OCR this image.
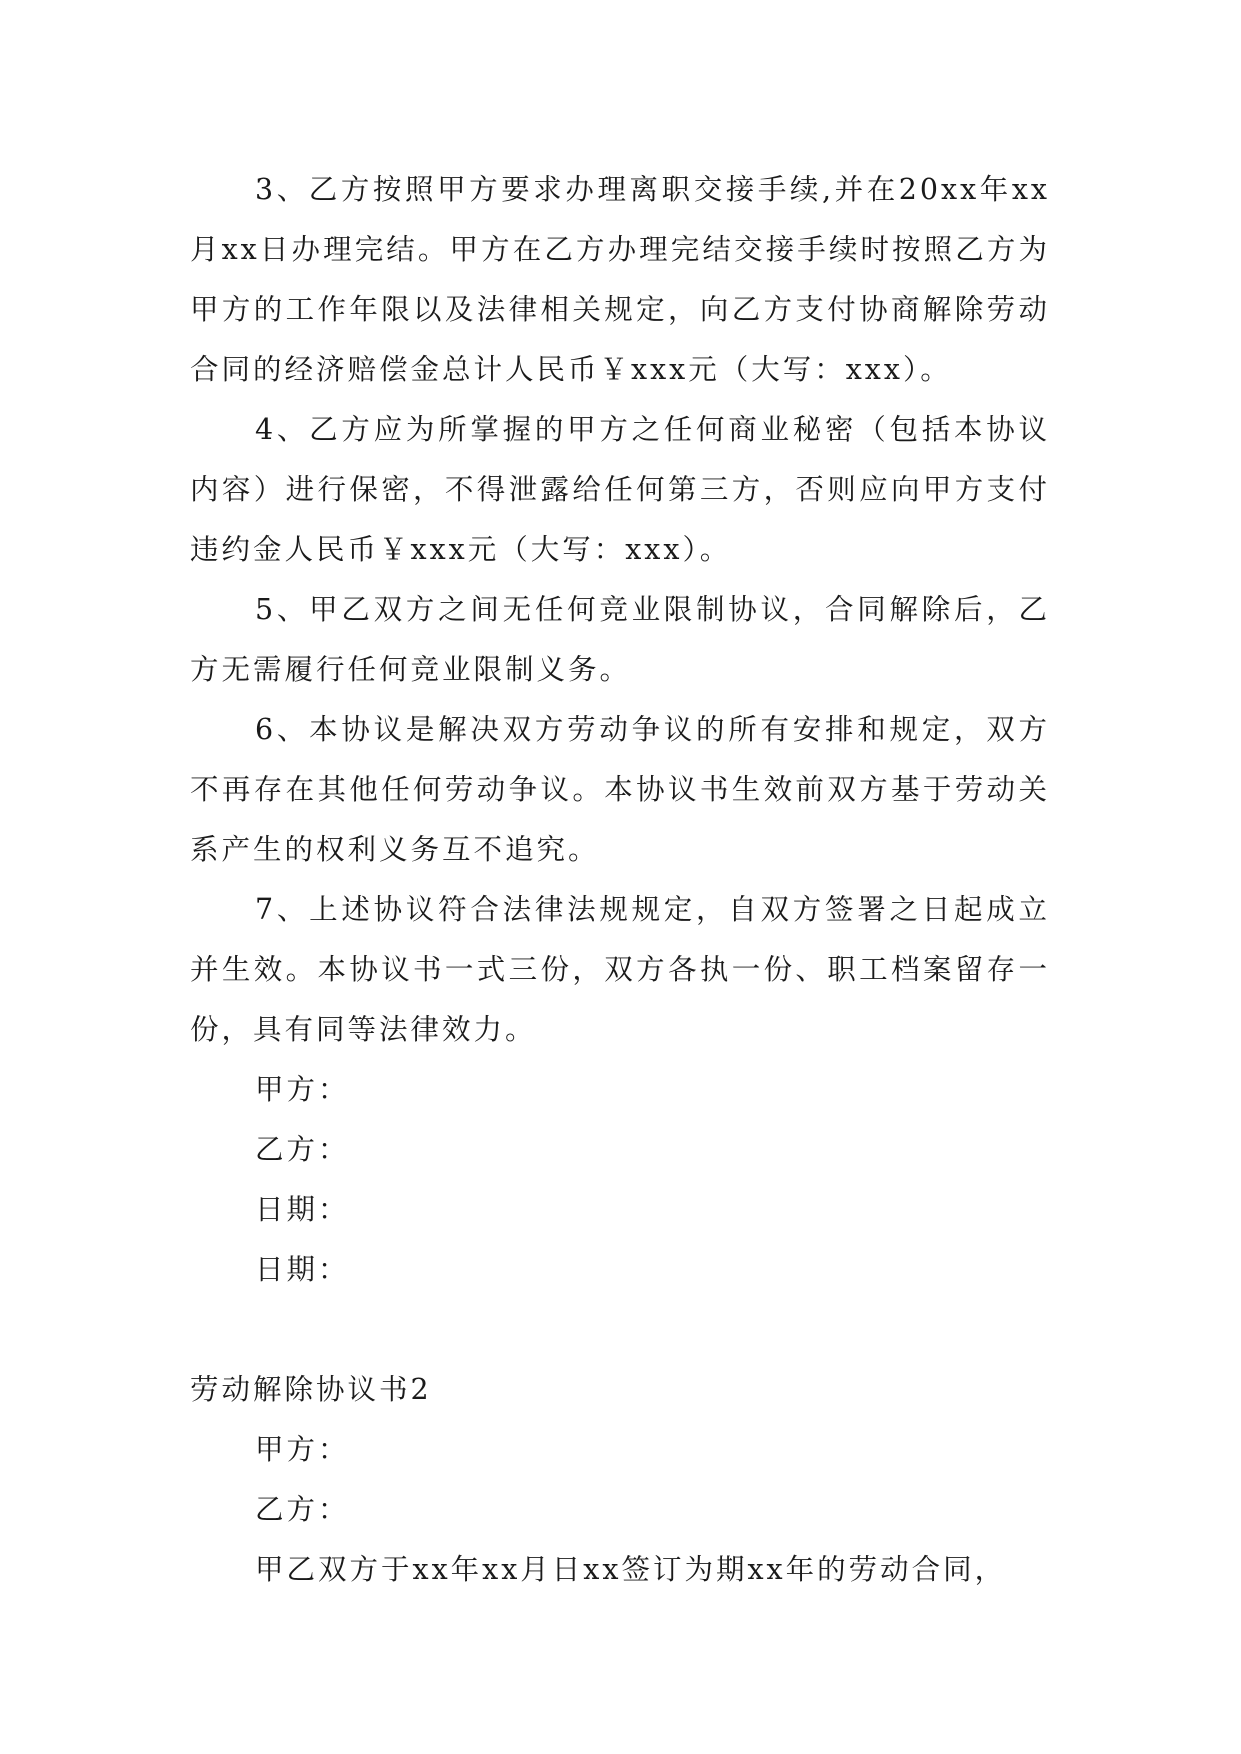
3、乙方按照甲方要求办理离职交接手续,并在20xx年xx月xx日办理完结。甲方在乙方办理完结交接手续时按照乙方为甲方的工作年限以及法律相关规定，向乙方支付协商解除劳动合同的经济赔偿金总计人民币￥xxx元（大写：xxx）。

4、乙方应为所掌握的甲方之任何商业秘密（包括本协议内容）进行保密，不得泄露给任何第三方，否则应向甲方支付违约金人民币￥xxx元（大写：xxx）。

5、甲乙双方之间无任何竞业限制协议，合同解除后，乙方无需履行任何竞业限制义务。

6、本协议是解决双方劳动争议的所有安排和规定，双方不再存在其他任何劳动争议。本协议书生效前双方基于劳动关系产生的权利义务互不追究。

7、上述协议符合法律法规规定，自双方签署之日起成立并生效。本协议书一式三份，双方各执一份、职工档案留存一份，具有同等法律效力。

甲方：

乙方：

日期：

日期：

劳动解除协议书2

甲方：

乙方：

甲乙双方于xx年xx月日xx签订为期xx年的劳动合同，
